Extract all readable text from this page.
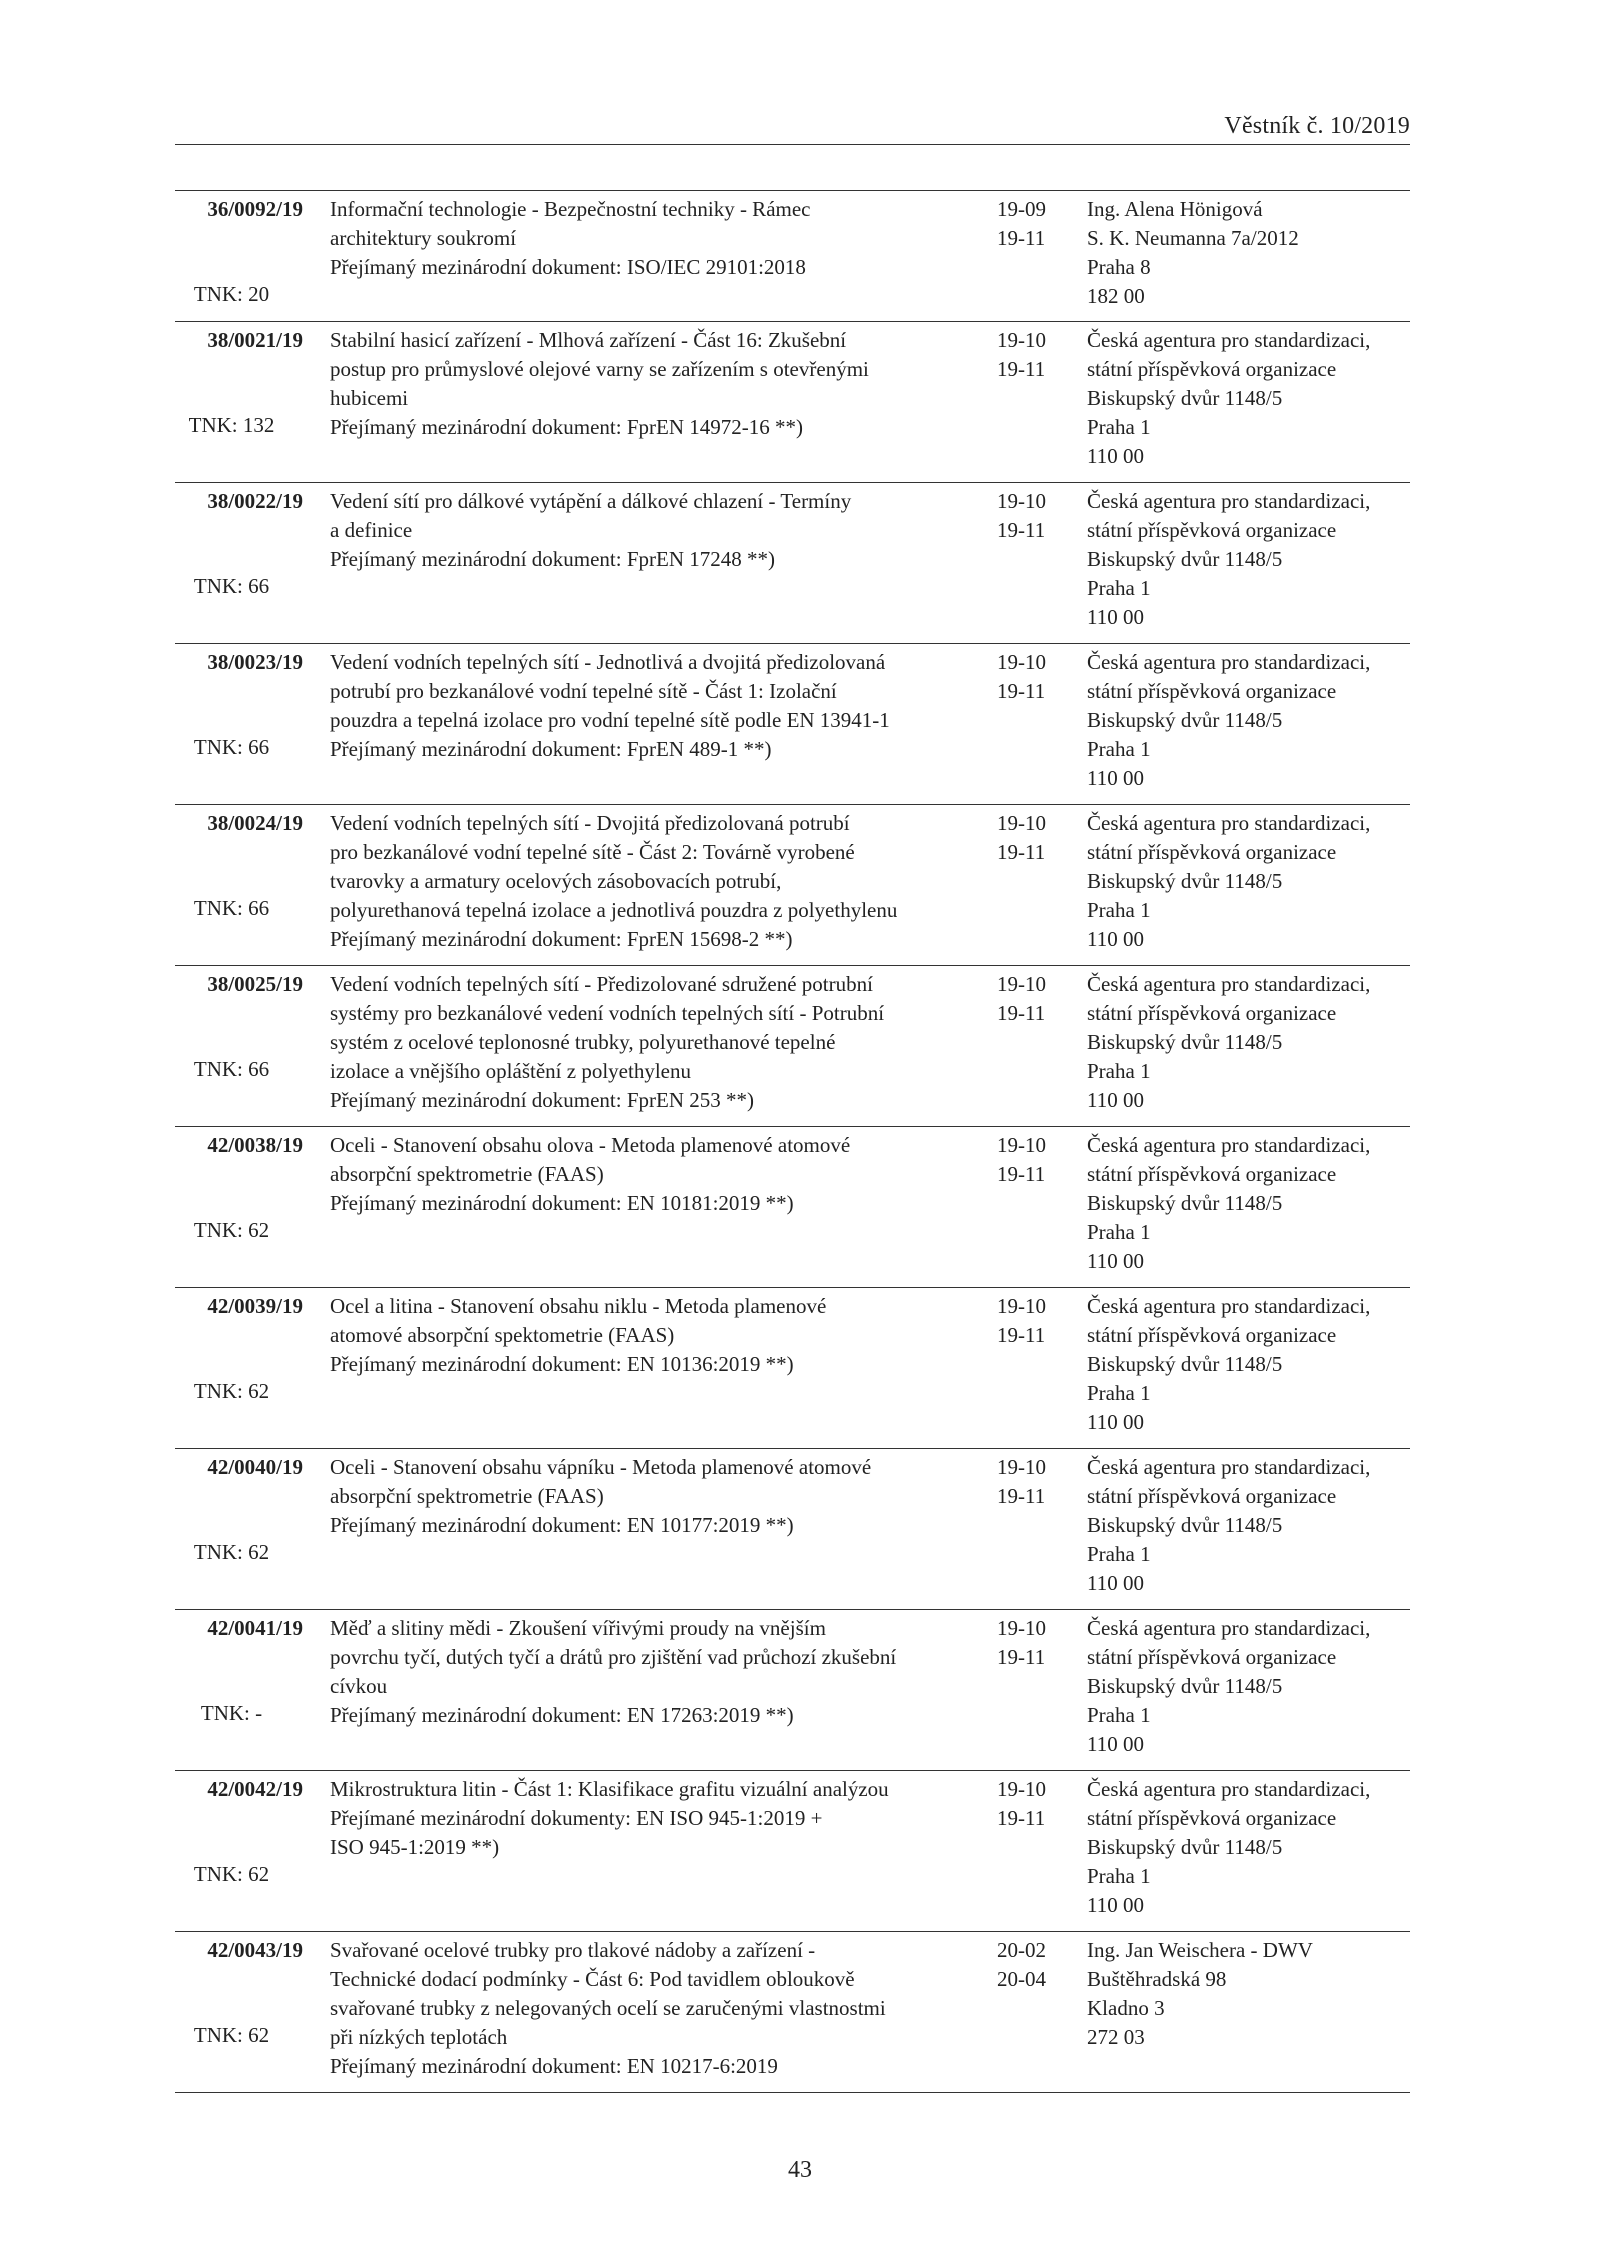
Věstník č. 10/2019
36/0092/19
TNK: 20
Informační technologie - Bezpečnostní techniky - Rámec
architektury soukromí
Přejímaný mezinárodní dokument: ISO/IEC 29101:2018
19-09
19-11
Ing. Alena Hönigová
S. K. Neumanna 7a/2012
Praha 8
182 00
38/0021/19
TNK: 132
Stabilní hasicí zařízení - Mlhová zařízení - Část 16: Zkušební
postup pro průmyslové olejové varny se zařízením s otevřenými
hubicemi
Přejímaný mezinárodní dokument: FprEN 14972-16 **)
19-10
19-11
Česká agentura pro standardizaci,
státní příspěvková organizace
Biskupský dvůr 1148/5
Praha 1
110 00
38/0022/19
TNK: 66
Vedení sítí pro dálkové vytápění a dálkové chlazení - Termíny
a definice
Přejímaný mezinárodní dokument: FprEN 17248 **)
19-10
19-11
Česká agentura pro standardizaci,
státní příspěvková organizace
Biskupský dvůr 1148/5
Praha 1
110 00
38/0023/19
TNK: 66
Vedení vodních tepelných sítí - Jednotlivá a dvojitá předizolovaná
potrubí pro bezkanálové vodní tepelné sítě - Část 1: Izolační
pouzdra a tepelná izolace pro vodní tepelné sítě podle EN 13941-1
Přejímaný mezinárodní dokument: FprEN 489-1 **)
19-10
19-11
Česká agentura pro standardizaci,
státní příspěvková organizace
Biskupský dvůr 1148/5
Praha 1
110 00
38/0024/19
TNK: 66
Vedení vodních tepelných sítí - Dvojitá předizolovaná potrubí
pro bezkanálové vodní tepelné sítě - Část 2: Továrně vyrobené
tvarovky a armatury ocelových zásobovacích potrubí,
polyurethanová tepelná izolace a jednotlivá pouzdra z polyethylenu
Přejímaný mezinárodní dokument: FprEN 15698-2 **)
19-10
19-11
Česká agentura pro standardizaci,
státní příspěvková organizace
Biskupský dvůr 1148/5
Praha 1
110 00
38/0025/19
TNK: 66
Vedení vodních tepelných sítí - Předizolované sdružené potrubní
systémy pro bezkanálové vedení vodních tepelných sítí - Potrubní
systém z ocelové teplonosné trubky, polyurethanové tepelné
izolace a vnějšího opláštění z polyethylenu
Přejímaný mezinárodní dokument: FprEN 253 **)
19-10
19-11
Česká agentura pro standardizaci,
státní příspěvková organizace
Biskupský dvůr 1148/5
Praha 1
110 00
42/0038/19
TNK: 62
Oceli - Stanovení obsahu olova - Metoda plamenové atomové
absorpční spektrometrie (FAAS)
Přejímaný mezinárodní dokument: EN 10181:2019 **)
19-10
19-11
Česká agentura pro standardizaci,
státní příspěvková organizace
Biskupský dvůr 1148/5
Praha 1
110 00
42/0039/19
TNK: 62
Ocel a litina - Stanovení obsahu niklu - Metoda plamenové
atomové absorpční spektometrie (FAAS)
Přejímaný mezinárodní dokument: EN 10136:2019 **)
19-10
19-11
Česká agentura pro standardizaci,
státní příspěvková organizace
Biskupský dvůr 1148/5
Praha 1
110 00
42/0040/19
TNK: 62
Oceli - Stanovení obsahu vápníku - Metoda plamenové atomové
absorpční spektrometrie (FAAS)
Přejímaný mezinárodní dokument: EN 10177:2019 **)
19-10
19-11
Česká agentura pro standardizaci,
státní příspěvková organizace
Biskupský dvůr 1148/5
Praha 1
110 00
42/0041/19
TNK: -
Měď a slitiny mědi - Zkoušení vířivými proudy na vnějším
povrchu tyčí, dutých tyčí a drátů pro zjištění vad průchozí zkušební
cívkou
Přejímaný mezinárodní dokument: EN 17263:2019 **)
19-10
19-11
Česká agentura pro standardizaci,
státní příspěvková organizace
Biskupský dvůr 1148/5
Praha 1
110 00
42/0042/19
TNK: 62
Mikrostruktura litin - Část 1: Klasifikace grafitu vizuální analýzou
Přejímané mezinárodní dokumenty: EN ISO 945-1:2019 +
ISO 945-1:2019 **)
19-10
19-11
Česká agentura pro standardizaci,
státní příspěvková organizace
Biskupský dvůr 1148/5
Praha 1
110 00
42/0043/19
TNK: 62
Svařované ocelové trubky pro tlakové nádoby a zařízení -
Technické dodací podmínky - Část 6: Pod tavidlem obloukově
svařované trubky z nelegovaných ocelí se zaručenými vlastnostmi
při nízkých teplotách
Přejímaný mezinárodní dokument: EN 10217-6:2019
20-02
20-04
Ing. Jan Weischera - DWV
Buštěhradská 98
Kladno 3
272 03
43
